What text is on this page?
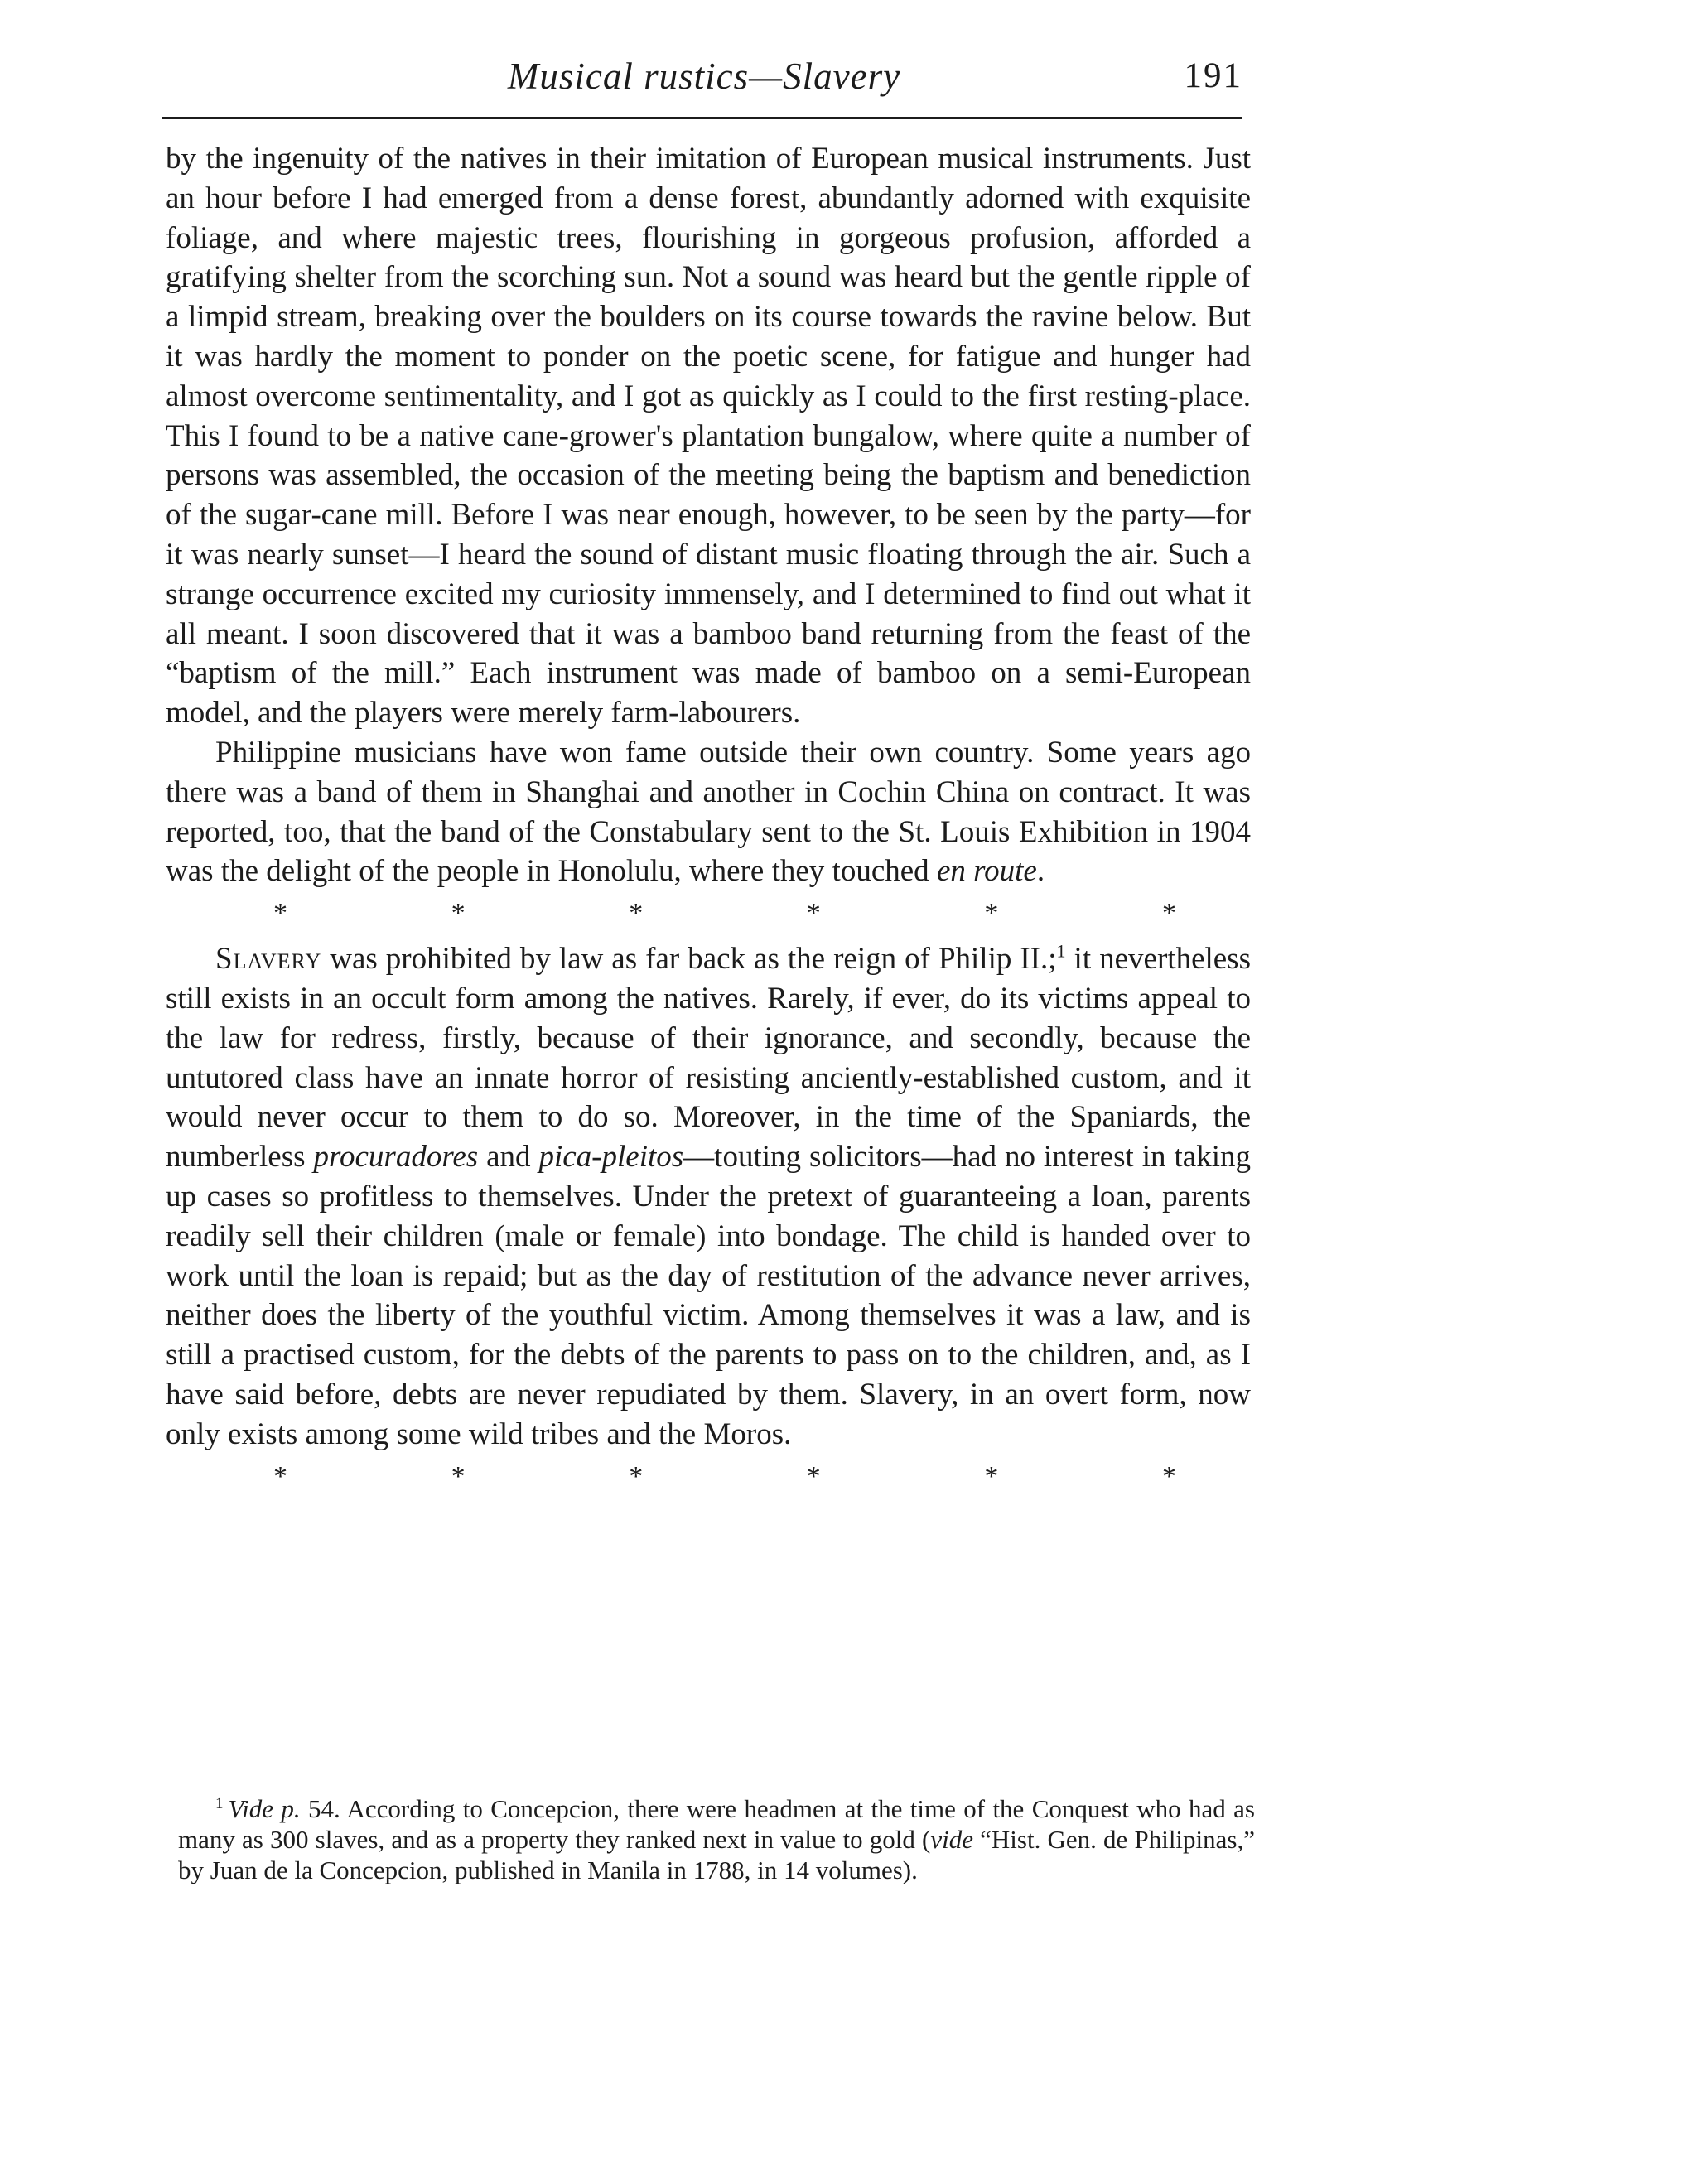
Musical rustics—Slavery	191

by the ingenuity of the natives in their imitation of European musical instruments. Just an hour before I had emerged from a dense forest, abundantly adorned with exquisite foliage, and where majestic trees, flourishing in gorgeous profusion, afforded a gratifying shelter from the scorching sun. Not a sound was heard but the gentle ripple of a limpid stream, breaking over the boulders on its course towards the ravine below. But it was hardly the moment to ponder on the poetic scene, for fatigue and hunger had almost overcome sentimentality, and I got as quickly as I could to the first resting-place. This I found to be a native cane-grower's plantation bungalow, where quite a number of persons was assembled, the occasion of the meeting being the baptism and benediction of the sugar-cane mill. Before I was near enough, however, to be seen by the party—for it was nearly sunset—I heard the sound of distant music floating through the air. Such a strange occurrence excited my curiosity immensely, and I determined to find out what it all meant. I soon discovered that it was a bamboo band returning from the feast of the “baptism of the mill.” Each instrument was made of bamboo on a semi-European model, and the players were merely farm-labourers.

Philippine musicians have won fame outside their own country. Some years ago there was a band of them in Shanghai and another in Cochin China on contract. It was reported, too, that the band of the Constabulary sent to the St. Louis Exhibition in 1904 was the delight of the people in Honolulu, where they touched en route.

*	*	*	*	*	*

Slavery was prohibited by law as far back as the reign of Philip II.;$^1$ it nevertheless still exists in an occult form among the natives. Rarely, if ever, do its victims appeal to the law for redress, firstly, because of their ignorance, and secondly, because the untutored class have an innate horror of resisting anciently-established custom, and it would never occur to them to do so. Moreover, in the time of the Spaniards, the numberless procuradores and pica-pleitos—touting solicitors—had no interest in taking up cases so profitless to themselves. Under the pretext of guaranteeing a loan, parents readily sell their children (male or female) into bondage. The child is handed over to work until the loan is repaid; but as the day of restitution of the advance never arrives, neither does the liberty of the youthful victim. Among themselves it was a law, and is still a practised custom, for the debts of the parents to pass on to the children, and, as I have said before, debts are never repudiated by them. Slavery, in an overt form, now only exists among some wild tribes and the Moros.

*	*	*	*	*	*

$^1$ Vide p. 54. According to Concepcion, there were headmen at the time of the Conquest who had as many as 300 slaves, and as a property they ranked next in value to gold (vide “Hist. Gen. de Philipinas,” by Juan de la Concepcion, published in Manila in 1788, in 14 volumes).
